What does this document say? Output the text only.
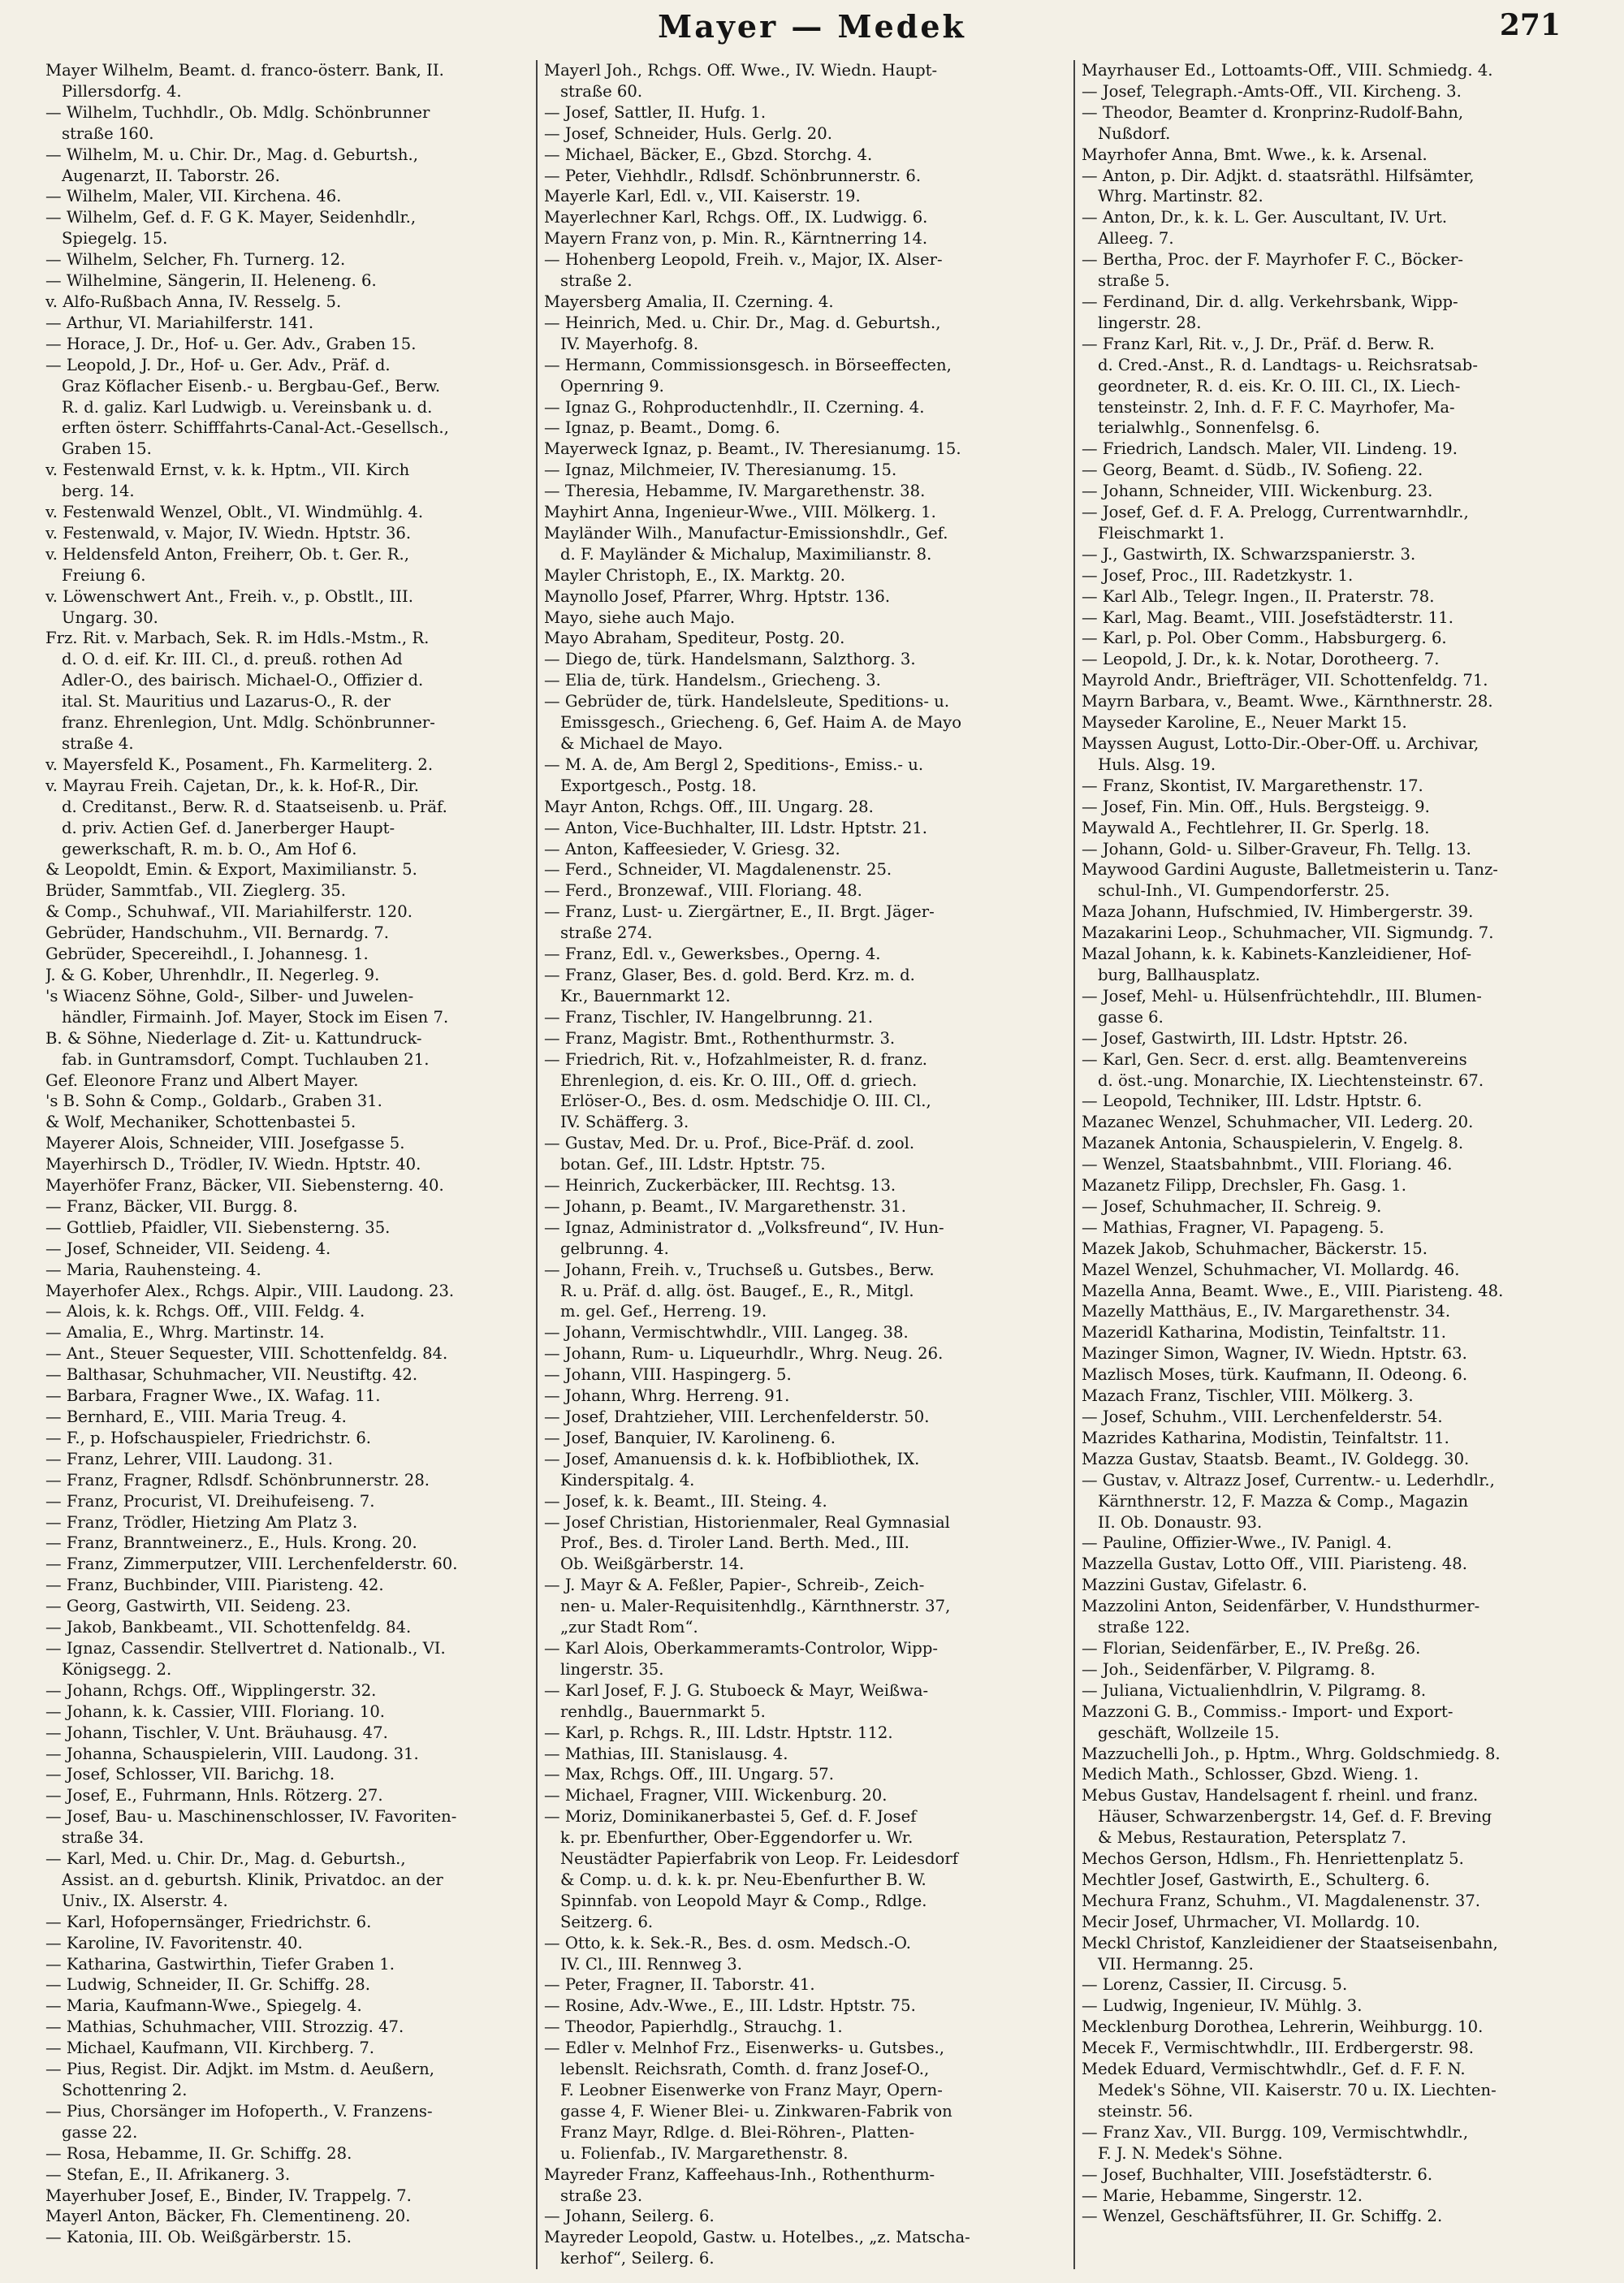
Mayer — Medek	271
Mayer Wilhelm, Beamt. d. franco-österr. Bank, II.
Pillersdorfg. 4.
— Wilhelm, Tuchhdlr., Ob. Mdlg. Schönbrunner
straße 160.
— Wilhelm, M. u. Chir. Dr., Mag. d. Geburtsh.,
Augenarzt, II. Taborstr. 26.
— Wilhelm, Maler, VII. Kirchena. 46.
— Wilhelm, Gef. d. F. G K. Mayer, Seidenhdlr.,
Spiegelg. 15.
— Wilhelm, Selcher, Fh. Turnerg. 12.
— Wilhelmine, Sängerin, II. Heleneng. 6.
v. Alfo-Rußbach Anna, IV. Resselg. 5.
— Arthur, VI. Mariahilferstr. 141.
— Horace, J. Dr., Hof- u. Ger. Adv., Graben 15.
— Leopold, J. Dr., Hof- u. Ger. Adv., Präf. d.
Graz Köflacher Eisenb.- u. Bergbau-Gef., Berw.
R. d. galiz. Karl Ludwigb. u. Vereinsbank u. d.
erften österr. Schifffahrts-Canal-Act.-Gesellsch.,
Graben 15.
v. Festenwald Ernst, v. k. k. Hptm., VII. Kirch
berg. 14.
v. Festenwald Wenzel, Oblt., VI. Windmühlg. 4.
v. Festenwald, v. Major, IV. Wiedn. Hptstr. 36.
v. Heldensfeld Anton, Freiherr, Ob. t. Ger. R.,
Freiung 6.
v. Löwenschwert Ant., Freih. v., p. Obstlt., III.
Ungarg. 30.
Frz. Rit. v. Marbach, Sek. R. im Hdls.-Mstm., R.
d. O. d. eif. Kr. III. Cl., d. preuß. rothen Ad
Adler-O., des bairisch. Michael-O., Offizier d.
ital. St. Mauritius und Lazarus-O., R. der
franz. Ehrenlegion, Unt. Mdlg. Schönbrunner-
straße 4.
v. Mayersfeld K., Posament., Fh. Karmeliterg. 2.
v. Mayrau Freih. Cajetan, Dr., k. k. Hof-R., Dir.
d. Creditanst., Berw. R. d. Staatseisenb. u. Präf.
d. priv. Actien Gef. d. Janerberger Haupt-
gewerkschaft, R. m. b. O., Am Hof 6.
& Leopoldt, Emin. & Export, Maximilianstr. 5.
Brüder, Sammtfab., VII. Zieglerg. 35.
& Comp., Schuhwaf., VII. Mariahilferstr. 120.
Gebrüder, Handschuhm., VII. Bernardg. 7.
Gebrüder, Specereihdl., I. Johannesg. 1.
J. & G. Kober, Uhrenhdlr., II. Negerleg. 9.
's Wiacenz Söhne, Gold-, Silber- und Juwelen-
händler, Firmainh. Jof. Mayer, Stock im Eisen 7.
B. & Söhne, Niederlage d. Zit- u. Kattundruck-
fab. in Guntramsdorf, Compt. Tuchlauben 21.
Gef. Eleonore Franz und Albert Mayer.
's B. Sohn & Comp., Goldarb., Graben 31.
& Wolf, Mechaniker, Schottenbastei 5.
Mayerer Alois, Schneider, VIII. Josefgasse 5.
Mayerhirsch D., Trödler, IV. Wiedn. Hptstr. 40.
Mayerhöfer Franz, Bäcker, VII. Siebensterng. 40.
— Franz, Bäcker, VII. Burgg. 8.
— Gottlieb, Pfaidler, VII. Siebensterng. 35.
— Josef, Schneider, VII. Seideng. 4.
— Maria, Rauhensteing. 4.
Mayerhofer Alex., Rchgs. Alpir., VIII. Laudong. 23.
— Alois, k. k. Rchgs. Off., VIII. Feldg. 4.
— Amalia, E., Whrg. Martinstr. 14.
— Ant., Steuer Sequester, VIII. Schottenfeldg. 84.
— Balthasar, Schuhmacher, VII. Neustiftg. 42.
— Barbara, Fragner Wwe., IX. Wafag. 11.
— Bernhard, E., VIII. Maria Treug. 4.
— F., p. Hofschauspieler, Friedrichstr. 6.
— Franz, Lehrer, VIII. Laudong. 31.
— Franz, Fragner, Rdlsdf. Schönbrunnerstr. 28.
— Franz, Procurist, VI. Dreihufeiseng. 7.
— Franz, Trödler, Hietzing Am Platz 3.
— Franz, Branntweinerz., E., Huls. Krong. 20.
— Franz, Zimmerputzer, VIII. Lerchenfelderstr. 60.
— Franz, Buchbinder, VIII. Piaristeng. 42.
— Georg, Gastwirth, VII. Seideng. 23.
— Jakob, Bankbeamt., VII. Schottenfeldg. 84.
— Ignaz, Cassendir. Stellvertret d. Nationalb., VI.
Königsegg. 2.
— Johann, Rchgs. Off., Wipplingerstr. 32.
— Johann, k. k. Cassier, VIII. Floriang. 10.
— Johann, Tischler, V. Unt. Bräuhausg. 47.
— Johanna, Schauspielerin, VIII. Laudong. 31.
— Josef, Schlosser, VII. Barichg. 18.
— Josef, E., Fuhrmann, Hnls. Rötzerg. 27.
— Josef, Bau- u. Maschinenschlosser, IV. Favoriten-
straße 34.
— Karl, Med. u. Chir. Dr., Mag. d. Geburtsh.,
Assist. an d. geburtsh. Klinik, Privatdoc. an der
Univ., IX. Alserstr. 4.
— Karl, Hofopernsänger, Friedrichstr. 6.
— Karoline, IV. Favoritenstr. 40.
— Katharina, Gastwirthin, Tiefer Graben 1.
— Ludwig, Schneider, II. Gr. Schiffg. 28.
— Maria, Kaufmann-Wwe., Spiegelg. 4.
— Mathias, Schuhmacher, VIII. Strozzig. 47.
— Michael, Kaufmann, VII. Kirchberg. 7.
— Pius, Regist. Dir. Adjkt. im Mstm. d. Aeußern,
Schottenring 2.
— Pius, Chorsänger im Hofoperth., V. Franzens-
gasse 22.
— Rosa, Hebamme, II. Gr. Schiffg. 28.
— Stefan, E., II. Afrikanerg. 3.
Mayerhuber Josef, E., Binder, IV. Trappelg. 7.
Mayerl Anton, Bäcker, Fh. Clementineng. 20.
— Katonia, III. Ob. Weißgärberstr. 15.
Mayerl Joh., Rchgs. Off. Wwe., IV. Wiedn. Haupt-
straße 60.
— Josef, Sattler, II. Hufg. 1.
— Josef, Schneider, Huls. Gerlg. 20.
— Michael, Bäcker, E., Gbzd. Storchg. 4.
— Peter, Viehhdlr., Rdlsdf. Schönbrunnerstr. 6.
Mayerle Karl, Edl. v., VII. Kaiserstr. 19.
Mayerlechner Karl, Rchgs. Off., IX. Ludwigg. 6.
Mayern Franz von, p. Min. R., Kärntnerring 14.
— Hohenberg Leopold, Freih. v., Major, IX. Alser-
straße 2.
Mayersberg Amalia, II. Czerning. 4.
— Heinrich, Med. u. Chir. Dr., Mag. d. Geburtsh.,
IV. Mayerhofg. 8.
— Hermann, Commissionsgesch. in Börseeffecten,
Opernring 9.
— Ignaz G., Rohproductenhdlr., II. Czerning. 4.
— Ignaz, p. Beamt., Domg. 6.
Mayerweck Ignaz, p. Beamt., IV. Theresianumg. 15.
— Ignaz, Milchmeier, IV. Theresianumg. 15.
— Theresia, Hebamme, IV. Margarethenstr. 38.
Mayhirt Anna, Ingenieur-Wwe., VIII. Mölkerg. 1.
Mayländer Wilh., Manufactur-Emissionshdlr., Gef.
d. F. Mayländer & Michalup, Maximilianstr. 8.
Mayler Christoph, E., IX. Marktg. 20.
Maynollo Josef, Pfarrer, Whrg. Hptstr. 136.
Mayo, siehe auch Majo.
Mayo Abraham, Spediteur, Postg. 20.
— Diego de, türk. Handelsmann, Salzthorg. 3.
— Elia de, türk. Handelsm., Griecheng. 3.
— Gebrüder de, türk. Handelsleute, Speditions- u.
Emissgesch., Griecheng. 6, Gef. Haim A. de Mayo
& Michael de Mayo.
— M. A. de, Am Bergl 2, Speditions-, Emiss.- u.
Exportgesch., Postg. 18.
Mayr Anton, Rchgs. Off., III. Ungarg. 28.
— Anton, Vice-Buchhalter, III. Ldstr. Hptstr. 21.
— Anton, Kaffeesieder, V. Griesg. 32.
— Ferd., Schneider, VI. Magdalenenstr. 25.
— Ferd., Bronzewaf., VIII. Floriang. 48.
— Franz, Lust- u. Ziergärtner, E., II. Brgt. Jäger-
straße 274.
— Franz, Edl. v., Gewerksbes., Operng. 4.
— Franz, Glaser, Bes. d. gold. Berd. Krz. m. d.
Kr., Bauernmarkt 12.
— Franz, Tischler, IV. Hangelbrunng. 21.
— Franz, Magistr. Bmt., Rothenthurmstr. 3.
— Friedrich, Rit. v., Hofzahlmeister, R. d. franz.
Ehrenlegion, d. eis. Kr. O. III., Off. d. griech.
Erlöser-O., Bes. d. osm. Medschidje O. III. Cl.,
IV. Schäfferg. 3.
— Gustav, Med. Dr. u. Prof., Bice-Präf. d. zool.
botan. Gef., III. Ldstr. Hptstr. 75.
— Heinrich, Zuckerbäcker, III. Rechtsg. 13.
— Johann, p. Beamt., IV. Margarethenstr. 31.
— Ignaz, Administrator d. „Volksfreund“, IV. Hun-
gelbrunng. 4.
— Johann, Freih. v., Truchseß u. Gutsbes., Berw.
R. u. Präf. d. allg. öst. Baugef., E., R., Mitgl.
m. gel. Gef., Herreng. 19.
— Johann, Vermischtwhdlr., VIII. Langeg. 38.
— Johann, Rum- u. Liqueurhdlr., Whrg. Neug. 26.
— Johann, VIII. Haspingerg. 5.
— Johann, Whrg. Herreng. 91.
— Josef, Drahtzieher, VIII. Lerchenfelderstr. 50.
— Josef, Banquier, IV. Karolineng. 6.
— Josef, Amanuensis d. k. k. Hofbibliothek, IX.
Kinderspitalg. 4.
— Josef, k. k. Beamt., III. Steing. 4.
— Josef Christian, Historienmaler, Real Gymnasial
Prof., Bes. d. Tiroler Land. Berth. Med., III.
Ob. Weißgärberstr. 14.
— J. Mayr & A. Feßler, Papier-, Schreib-, Zeich-
nen- u. Maler-Requisitenhdlg., Kärnthnerstr. 37,
„zur Stadt Rom“.
— Karl Alois, Oberkammeramts-Controlor, Wipp-
lingerstr. 35.
— Karl Josef, F. J. G. Stuboeck & Mayr, Weißwa-
renhdlg., Bauernmarkt 5.
— Karl, p. Rchgs. R., III. Ldstr. Hptstr. 112.
— Mathias, III. Stanislausg. 4.
— Max, Rchgs. Off., III. Ungarg. 57.
— Michael, Fragner, VIII. Wickenburg. 20.
— Moriz, Dominikanerbastei 5, Gef. d. F. Josef
k. pr. Ebenfurther, Ober-Eggendorfer u. Wr.
Neustädter Papierfabrik von Leop. Fr. Leidesdorf
& Comp. u. d. k. k. pr. Neu-Ebenfurther B. W.
Spinnfab. von Leopold Mayr & Comp., Rdlge.
Seitzerg. 6.
— Otto, k. k. Sek.-R., Bes. d. osm. Medsch.-O.
IV. Cl., III. Rennweg 3.
— Peter, Fragner, II. Taborstr. 41.
— Rosine, Adv.-Wwe., E., III. Ldstr. Hptstr. 75.
— Theodor, Papierhdlg., Strauchg. 1.
— Edler v. Melnhof Frz., Eisenwerks- u. Gutsbes.,
lebenslt. Reichsrath, Comth. d. franz Josef-O.,
F. Leobner Eisenwerke von Franz Mayr, Opern-
gasse 4, F. Wiener Blei- u. Zinkwaren-Fabrik von
Franz Mayr, Rdlge. d. Blei-Röhren-, Platten-
u. Folienfab., IV. Margarethenstr. 8.
Mayreder Franz, Kaffeehaus-Inh., Rothenthurm-
straße 23.
— Johann, Seilerg. 6.
Mayreder Leopold, Gastw. u. Hotelbes., „z. Matscha-
kerhof“, Seilerg. 6.
Mayrhauser Ed., Lottoamts-Off., VIII. Schmiedg. 4.
— Josef, Telegraph.-Amts-Off., VII. Kircheng. 3.
— Theodor, Beamter d. Kronprinz-Rudolf-Bahn,
Nußdorf.
Mayrhofer Anna, Bmt. Wwe., k. k. Arsenal.
— Anton, p. Dir. Adjkt. d. staatsräthl. Hilfsämter,
Whrg. Martinstr. 82.
— Anton, Dr., k. k. L. Ger. Auscultant, IV. Urt.
Alleeg. 7.
— Bertha, Proc. der F. Mayrhofer F. C., Böcker-
straße 5.
— Ferdinand, Dir. d. allg. Verkehrsbank, Wipp-
lingerstr. 28.
— Franz Karl, Rit. v., J. Dr., Präf. d. Berw. R.
d. Cred.-Anst., R. d. Landtags- u. Reichsratsab-
geordneter, R. d. eis. Kr. O. III. Cl., IX. Liech-
tensteinstr. 2, Inh. d. F. F. C. Mayrhofer, Ma-
terialwhlg., Sonnenfelsg. 6.
— Friedrich, Landsch. Maler, VII. Lindeng. 19.
— Georg, Beamt. d. Südb., IV. Sofieng. 22.
— Johann, Schneider, VIII. Wickenburg. 23.
— Josef, Gef. d. F. A. Prelogg, Currentwarnhdlr.,
Fleischmarkt 1.
— J., Gastwirth, IX. Schwarzspanierstr. 3.
— Josef, Proc., III. Radetzkystr. 1.
— Karl Alb., Telegr. Ingen., II. Praterstr. 78.
— Karl, Mag. Beamt., VIII. Josefstädterstr. 11.
— Karl, p. Pol. Ober Comm., Habsburgerg. 6.
— Leopold, J. Dr., k. k. Notar, Dorotheerg. 7.
Mayrold Andr., Briefträger, VII. Schottenfeldg. 71.
Mayrn Barbara, v., Beamt. Wwe., Kärnthnerstr. 28.
Mayseder Karoline, E., Neuer Markt 15.
Mayssen August, Lotto-Dir.-Ober-Off. u. Archivar,
Huls. Alsg. 19.
— Franz, Skontist, IV. Margarethenstr. 17.
— Josef, Fin. Min. Off., Huls. Bergsteigg. 9.
Maywald A., Fechtlehrer, II. Gr. Sperlg. 18.
— Johann, Gold- u. Silber-Graveur, Fh. Tellg. 13.
Maywood Gardini Auguste, Balletmeisterin u. Tanz-
schul-Inh., VI. Gumpendorferstr. 25.
Maza Johann, Hufschmied, IV. Himbergerstr. 39.
Mazakarini Leop., Schuhmacher, VII. Sigmundg. 7.
Mazal Johann, k. k. Kabinets-Kanzleidiener, Hof-
burg, Ballhausplatz.
— Josef, Mehl- u. Hülsenfrüchtehdlr., III. Blumen-
gasse 6.
— Josef, Gastwirth, III. Ldstr. Hptstr. 26.
— Karl, Gen. Secr. d. erst. allg. Beamtenvereins
d. öst.-ung. Monarchie, IX. Liechtensteinstr. 67.
— Leopold, Techniker, III. Ldstr. Hptstr. 6.
Mazanec Wenzel, Schuhmacher, VII. Lederg. 20.
Mazanek Antonia, Schauspielerin, V. Engelg. 8.
— Wenzel, Staatsbahnbmt., VIII. Floriang. 46.
Mazanetz Filipp, Drechsler, Fh. Gasg. 1.
— Josef, Schuhmacher, II. Schreig. 9.
— Mathias, Fragner, VI. Papageng. 5.
Mazek Jakob, Schuhmacher, Bäckerstr. 15.
Mazel Wenzel, Schuhmacher, VI. Mollardg. 46.
Mazella Anna, Beamt. Wwe., E., VIII. Piaristeng. 48.
Mazelly Matthäus, E., IV. Margarethenstr. 34.
Mazeridl Katharina, Modistin, Teinfaltstr. 11.
Mazinger Simon, Wagner, IV. Wiedn. Hptstr. 63.
Mazlisch Moses, türk. Kaufmann, II. Odeong. 6.
Mazach Franz, Tischler, VIII. Mölkerg. 3.
— Josef, Schuhm., VIII. Lerchenfelderstr. 54.
Mazrides Katharina, Modistin, Teinfaltstr. 11.
Mazza Gustav, Staatsb. Beamt., IV. Goldegg. 30.
— Gustav, v. Altrazz Josef, Currentw.- u. Lederhdlr.,
Kärnthnerstr. 12, F. Mazza & Comp., Magazin
II. Ob. Donaustr. 93.
— Pauline, Offizier-Wwe., IV. Panigl. 4.
Mazzella Gustav, Lotto Off., VIII. Piaristeng. 48.
Mazzini Gustav, Gifelastr. 6.
Mazzolini Anton, Seidenfärber, V. Hundsthurmer-
straße 122.
— Florian, Seidenfärber, E., IV. Preßg. 26.
— Joh., Seidenfärber, V. Pilgramg. 8.
— Juliana, Victualienhdlrin, V. Pilgramg. 8.
Mazzoni G. B., Commiss.- Import- und Export-
geschäft, Wollzeile 15.
Mazzuchelli Joh., p. Hptm., Whrg. Goldschmiedg. 8.
Medich Math., Schlosser, Gbzd. Wieng. 1.
Mebus Gustav, Handelsagent f. rheinl. und franz.
Häuser, Schwarzenbergstr. 14, Gef. d. F. Breving
& Mebus, Restauration, Petersplatz 7.
Mechos Gerson, Hdlsm., Fh. Henriettenplatz 5.
Mechtler Josef, Gastwirth, E., Schulterg. 6.
Mechura Franz, Schuhm., VI. Magdalenenstr. 37.
Mecir Josef, Uhrmacher, VI. Mollardg. 10.
Meckl Christof, Kanzleidiener der Staatseisenbahn,
VII. Hermanng. 25.
— Lorenz, Cassier, II. Circusg. 5.
— Ludwig, Ingenieur, IV. Mühlg. 3.
Mecklenburg Dorothea, Lehrerin, Weihburgg. 10.
Mecek F., Vermischtwhdlr., III. Erdbergerstr. 98.
Medek Eduard, Vermischtwhdlr., Gef. d. F. F. N.
Medek's Söhne, VII. Kaiserstr. 70 u. IX. Liechten-
steinstr. 56.
— Franz Xav., VII. Burgg. 109, Vermischtwhdlr.,
F. J. N. Medek's Söhne.
— Josef, Buchhalter, VIII. Josefstädterstr. 6.
— Marie, Hebamme, Singerstr. 12.
— Wenzel, Geschäftsführer, II. Gr. Schiffg. 2.
